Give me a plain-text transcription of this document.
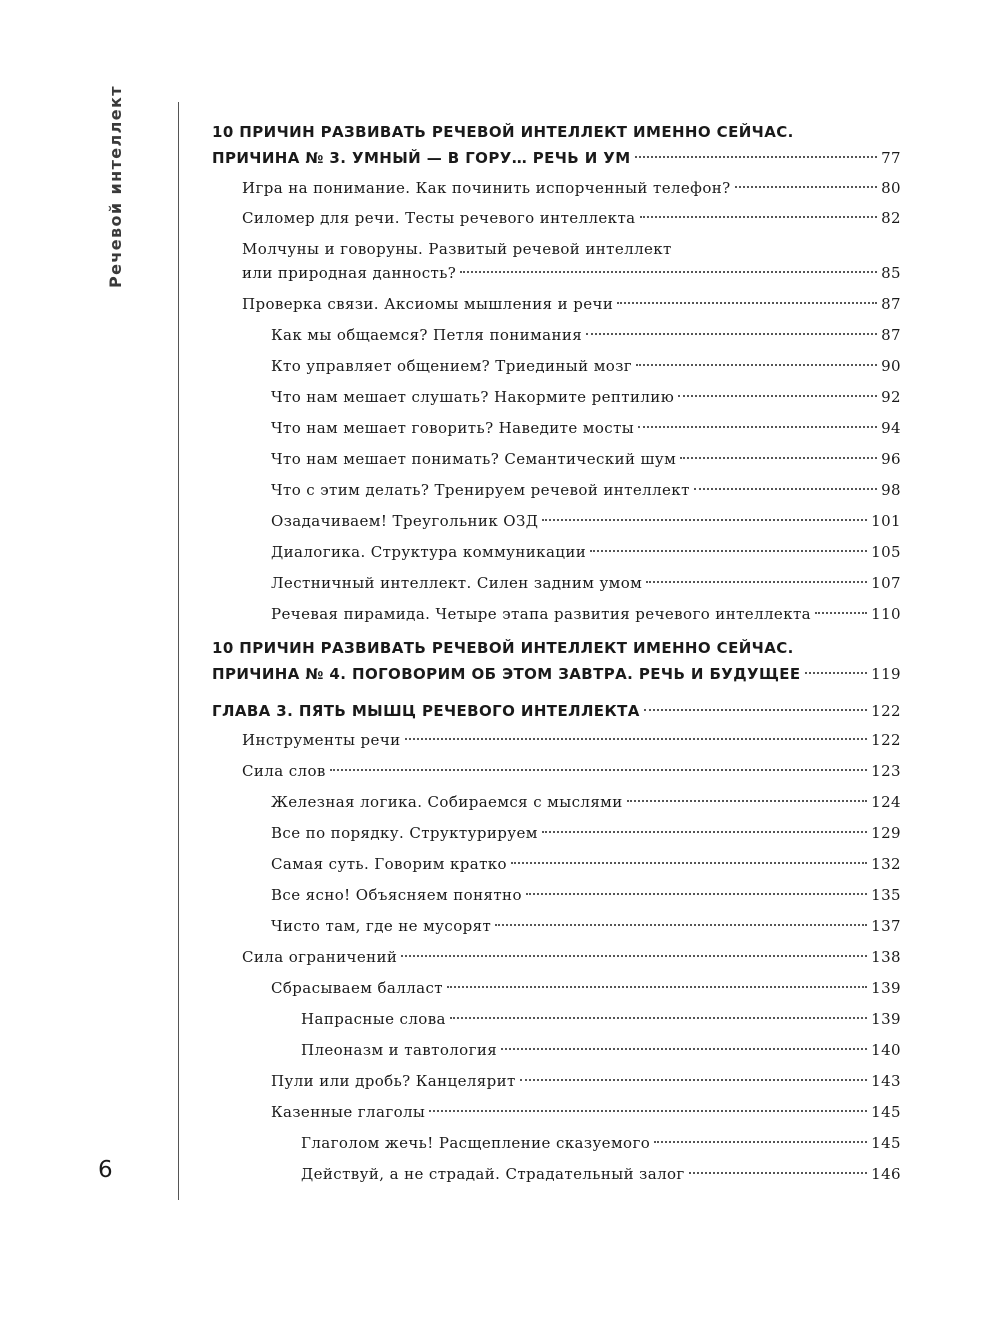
Речевой интеллект
6
10 ПРИЧИН РАЗВИВАТЬ РЕЧЕВОЙ ИНТЕЛЛЕКТ ИМЕННО СЕЙЧАС.
ПРИЧИНА № 3. УМНЫЙ — В ГОРУ… РЕЧЬ И УМ	77
Игра на понимание. Как починить испорченный телефон?	80
Силомер для речи. Тесты речевого интеллекта	82
Молчуны и говоруны. Развитый речевой интеллект
или природная данность?	85
Проверка связи. Аксиомы мышления и речи	87
Как мы общаемся? Петля понимания	87
Кто управляет общением? Триединый мозг	90
Что нам мешает слушать? Накормите рептилию	92
Что нам мешает говорить? Наведите мосты	94
Что нам мешает понимать? Семантический шум	96
Что с этим делать? Тренируем речевой интеллект	98
Озадачиваем! Треугольник ОЗД	101
Диалогика. Структура коммуникации	105
Лестничный интеллект. Силен задним умом	107
Речевая пирамида. Четыре этапа развития речевого интеллекта	110
10 ПРИЧИН РАЗВИВАТЬ РЕЧЕВОЙ ИНТЕЛЛЕКТ ИМЕННО СЕЙЧАС.
ПРИЧИНА № 4. ПОГОВОРИМ ОБ ЭТОМ ЗАВТРА. РЕЧЬ И БУДУЩЕЕ	119
ГЛАВА 3. ПЯТЬ МЫШЦ РЕЧЕВОГО ИНТЕЛЛЕКТА	122
Инструменты речи	122
Сила слов	123
Железная логика. Собираемся с мыслями	124
Все по порядку. Структурируем	129
Самая суть. Говорим кратко	132
Все ясно! Объясняем понятно	135
Чисто там, где не мусорят	137
Сила ограничений	138
Сбрасываем балласт	139
Напрасные слова	139
Плеоназм и тавтология	140
Пули или дробь? Канцелярит	143
Казенные глаголы	145
Глаголом жечь! Расщепление сказуемого	145
Действуй, а не страдай. Страдательный залог	146
